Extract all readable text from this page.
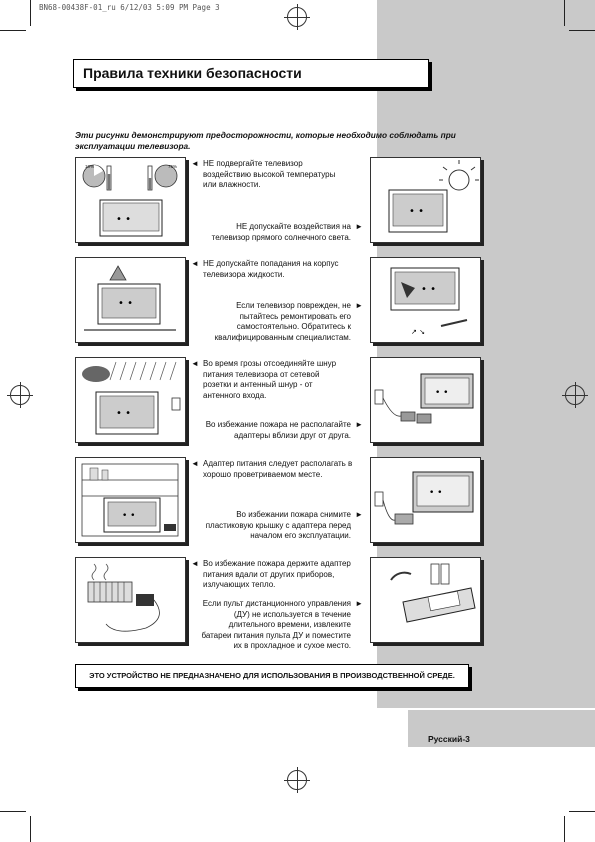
BN68-00438F-01_ru 6/12/03 5:09 PM Page 3
Правила техники безопасности
Эти рисунки демонстрируют предосторожности, которые необходимо соблюдать при эксплуатации телевизора.
• •
10%	75%
◄	НЕ подвергайте телевизор воздействию высокой температуры или влажности.
НЕ допускайте воздействия на телевизор прямого солнечного света. ►
• •
• •
◄ НЕ допускайте попадания на корпус телевизора жидкости.
Если телевизор поврежден, не пытайтесь ремонтировать его самостоятельно. Обратитесь к квалифицированным специалистам. ►
• •
↗ ↘
• •
◄ Во время грозы отсоединяйте шнур питания телевизора от сетевой розетки и антенный шнур - от антенного входа.
Во избежание пожара не располагайте адаптеры вблизи друг от друга. ►
• •
• •
◄ Адаптер питания следует располагать в хорошо проветриваемом месте.
Во избежании пожара снимите пластиковую крышку с адаптера перед началом его эксплуатации. ►
• •
◄ Во избежание пожара держите адаптер питания вдали от других приборов, излучающих тепло.
Если пульт дистанционного управления (ДУ) не используется в течение длительного времени, извлеките батареи питания пульта ДУ и поместите их в прохладное и сухое место. ►
ЭТО УСТРОЙСТВО НЕ ПРЕДНАЗНАЧЕНО ДЛЯ ИСПОЛЬЗОВАНИЯ В ПРОИЗВОДСТВЕННОЙ СРЕДЕ.
Русский-3
